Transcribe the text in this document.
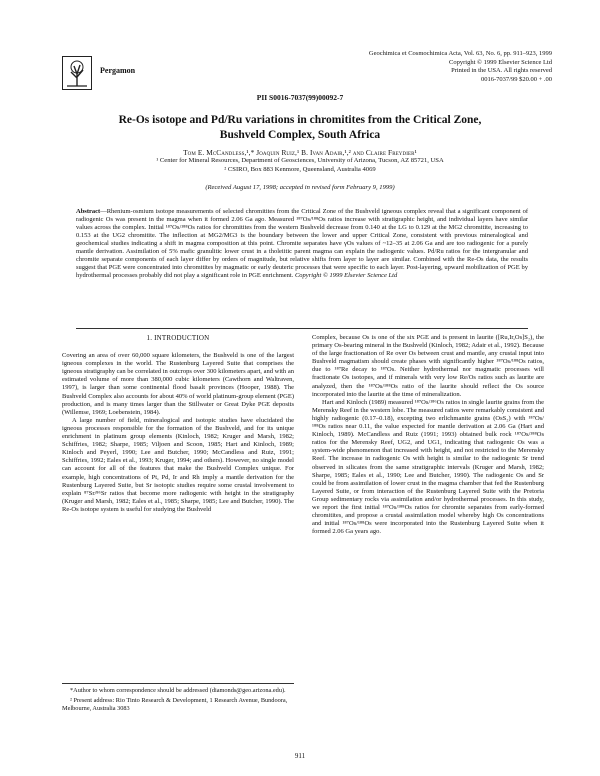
Pergamon
Geochimica et Cosmochimica Acta, Vol. 63, No. 6, pp. 911–923, 1999
Copyright © 1999 Elsevier Science Ltd
Printed in the USA. All rights reserved
0016-7037/99 $20.00 + .00
PII S0016-7037(99)00092-7
Re-Os isotope and Pd/Ru variations in chromitites from the Critical Zone,
Bushveld Complex, South Africa
Tom E. McCandless,¹,* Joaquin Ruiz,¹ B. Ivan Adair,¹,² and Claire Freydier¹
¹ Center for Mineral Resources, Department of Geosciences, University of Arizona, Tucson, AZ 85721, USA
² CSIRO, Box 883 Kenmore, Queensland, Australia 4069
(Received August 17, 1998; accepted in revised form February 9, 1999)
Abstract—Rhenium-osmium isotope measurements of selected chromitites from the Critical Zone of the Bushveld igneous complex reveal that a significant component of radiogenic Os was present in the magma when it formed 2.06 Ga ago. Measured ¹⁸⁷Os/¹⁸⁸Os ratios increase with stratigraphic height, and individual layers have similar values across the complex. Initial ¹⁸⁷Os/¹⁸⁸Os ratios for chromitites from the western Bushveld decrease from 0.140 at the LG to 0.129 at the MG2 chromitite, increasing to 0.153 at the UG2 chromitite. The inflection at MG2/MG3 is the boundary between the lower and upper Critical Zone, consistent with previous mineralogical and geochemical studies indicating a shift in magma composition at this point. Chromite separates have γOs values of ~12–35 at 2.06 Ga and are too radiogenic for a purely mantle derivation. Assimilation of 5% mafic granulitic lower crust in a tholeiitic parent magma can explain the radiogenic values. Pd/Ru ratios for the intergranular and chromite separate components of each layer differ by orders of magnitude, but relative shifts from layer to layer are similar. Combined with the Re-Os data, the results suggest that PGE were concentrated into chromitites by magmatic or early deuteric processes that were specific to each layer. Post-layering, upward mobilization of PGE by hydrothermal processes probably did not play a significant role in PGE enrichment. Copyright © 1999 Elsevier Science Ltd
1. INTRODUCTION

Covering an area of over 60,000 square kilometers, the Bushveld is one of the largest igneous complexes in the world. The Rustenburg Layered Suite that comprises the igneous stratigraphy can be correlated in outcrops over 300 kilometers apart, and with an estimated volume of more than 380,000 cubic kilometers (Cawthorn and Waltraven, 1997), is larger than some continental flood basalt provinces (Hooper, 1988). The Bushveld Complex also accounts for about 40% of world platinum-group element (PGE) production, and is many times larger than the Stillwater or Great Dyke PGE deposits (Willemse, 1969; Loebenstein, 1984).

A large number of field, mineralogical and isotopic studies have elucidated the igneous processes responsible for the formation of the Bushveld, and for its unique enrichment in platinum group elements (Kinloch, 1982; Kruger and Marsh, 1982; Schiffries, 1982; Sharpe, 1985; Viljoen and Scoon, 1985; Hart and Kinloch, 1989; Kinloch and Peyerl, 1990; Lee and Butcher, 1990; McCandless and Ruiz, 1991; Schiffries, 1992; Eales et al., 1993; Kruger, 1994; and others). However, no single model can account for all of the features that make the Bushveld Complex unique. For example, high concentrations of Pt, Pd, Ir and Rh imply a mantle derivation for the Rustenburg Layered Suite, but Sr isotopic studies require some crustal involvement to explain ⁸⁷Sr/⁸⁶Sr ratios that become more radiogenic with height in the stratigraphy (Kruger and Marsh, 1982; Eales et al., 1985; Sharpe, 1985; Lee and Butcher, 1990). The Re-Os isotope system is useful for studying the Bushveld

Complex, because Os is one of the six PGE and is present in laurite ([Ru,Ir,Os]S₂), the primary Os-bearing mineral in the Bushveld (Kinloch, 1982; Adair et al., 1992). Because of the large fractionation of Re over Os between crust and mantle, any crustal input into Bushveld magmatism should create phases with significantly higher ¹⁸⁷Os/¹⁸⁸Os ratios, due to ¹⁸⁷Re decay to ¹⁸⁷Os. Neither hydrothermal nor magmatic processes will fractionate Os isotopes, and if minerals with very low Re/Os ratios such as laurite are analyzed, then the ¹⁸⁷Os/¹⁸⁸Os ratio of the laurite should reflect the Os source incorporated into the laurite at the time of mineralization.

Hart and Kinloch (1989) measured ¹⁸⁷Os/¹⁸⁶Os ratios in single laurite grains from the Merensky Reef in the western lobe. The measured ratios were remarkably consistent and highly radiogenic (0.17–0.18), excepting two erlichmanite grains (OsS₂) with ¹⁸⁷Os/¹⁸⁸Os ratios near 0.11, the value expected for mantle derivation at 2.06 Ga (Hart and Kinloch, 1989). McCandless and Ruiz (1991; 1993) obtained bulk rock ¹⁸⁷Os/¹⁸⁸Os ratios for the Merensky Reef, UG2, and UG1, indicating that radiogenic Os was a system-wide phenomenon that increased with height, and not restricted to the Merensky Reef. The increase in radiogenic Os with height is similar to the radiogenic Sr trend observed in silicates from the same stratigraphic intervals (Kruger and Marsh, 1982; Sharpe, 1985; Eales et al., 1990; Lee and Butcher, 1990). The radiogenic Os and Sr could be from assimilation of lower crust in the magma chamber that fed the Rustenburg Layered Suite, or from interaction of the Rustenburg Layered Suite with the Pretoria Group sedimentary rocks via assimilation and/or hydrothermal processes. In this study, we report the first initial ¹⁸⁷Os/¹⁸⁸Os ratios for chromite separates from early-formed chromitites, and propose a crustal assimilation model whereby high Os concentrations and initial ¹⁸⁷Os/¹⁸⁸Os were incorporated into the Rustenburg Layered Suite when it formed 2.06 Ga years ago.

*Author to whom correspondence should be addressed (diamonds@geo.arizona.edu).

² Present address: Rio Tinto Research & Development, 1 Research Avenue, Bundoora, Melbourne, Australia 3083

911
